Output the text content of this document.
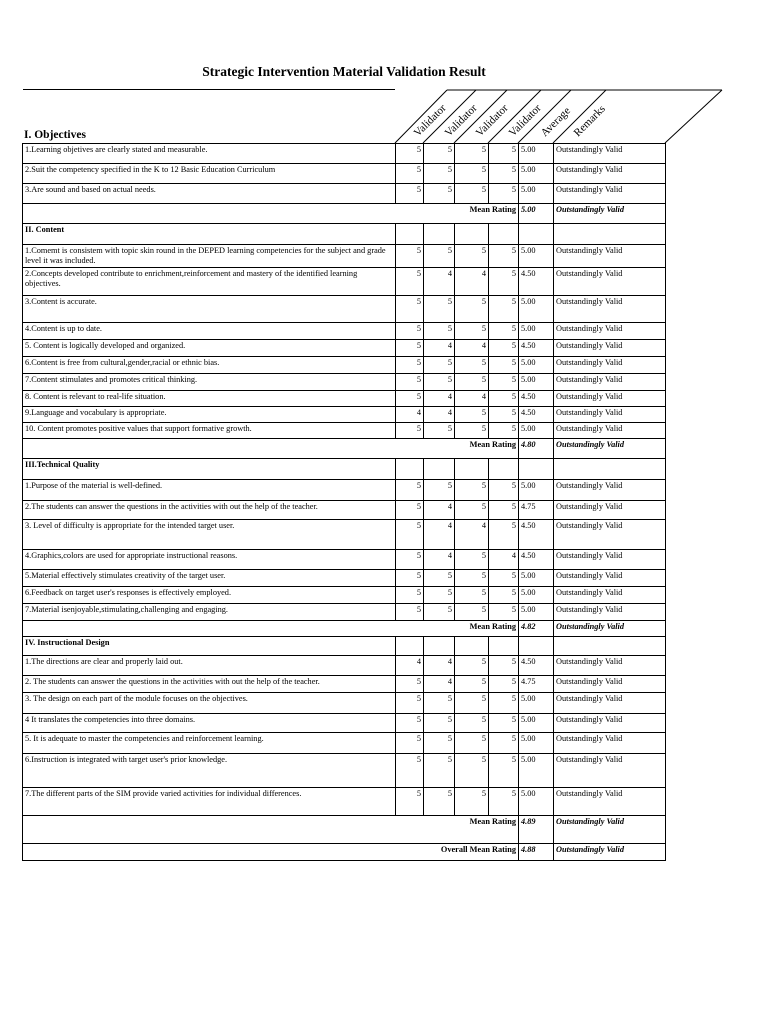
Strategic Intervention Material Validation Result
Validator
Validator
Validator
Validator
Average
Remarks
I. Objectives
1.Learning objetives are clearly stated and measurable.	5	5	5	5	5.00	Outstandingly Valid
2.Suit the competency specified in the K to 12 Basic Education Curriculum	5	5	5	5	5.00	Outstandingly Valid
3.Are sound and based on actual needs.	5	5	5	5	5.00	Outstandingly Valid
Mean Rating					5.00	Outstandingly Valid
II. Content						
1.Comemt is consistem with topic skin round in the DEPED learning competencies for the subject and grade level it was included.	5	5	5	5	5.00	Outstandingly Valid
2.Concepts developed contribute to enrichment,reinforcement and mastery of the identified learning objectives.	5	4	4	5	4.50	Outstandingly Valid
3.Content is accurate.	5	5	5	5	5.00	Outstandingly Valid
4.Content is up to date.	5	5	5	5	5.00	Outstandingly Valid
5. Content is logically developed and organized.	5	4	4	5	4.50	Outstandingly Valid
6.Content is free from cultural,gender,racial or ethnic bias.	5	5	5	5	5.00	Outstandingly Valid
7.Content stimulates and promotes critical thinking.	5	5	5	5	5.00	Outstandingly Valid
8. Content is relevant to real-life situation.	5	4	4	5	4.50	Outstandingly Valid
9.Language and vocabulary is appropriate.	4	4	5	5	4.50	Outstandingly Valid
10. Content promotes positive values that support formative growth.	5	5	5	5	5.00	Outstandingly Valid
Mean Rating					4.80	Outstandingly Valid
III.Technical Quality						
1.Purpose of the material is well-defined.	5	5	5	5	5.00	Outstandingly Valid
2.The students can answer the questions in the activities with out the help of the teacher.	5	4	5	5	4.75	Outstandingly Valid
3. Level of difficulty is appropriate for the intended target user.	5	4	4	5	4.50	Outstandingly Valid
4.Graphics,colors are used for appropriate instructional reasons.	5	4	5	4	4.50	Outstandingly Valid
5.Material effectively stimulates creativity of the target user.	5	5	5	5	5.00	Outstandingly Valid
6.Feedback on target user's responses is effectively employed.	5	5	5	5	5.00	Outstandingly Valid
7.Material isenjoyable,stimulating,challenging and engaging.	5	5	5	5	5.00	Outstandingly Valid
Mean Rating					4.82	Outstandingly Valid
IV. Instructional Design						
1.The directions are clear and properly laid out.	4	4	5	5	4.50	Outstandingly Valid
2. The students can answer the questions in the activities with out the help of the teacher.	5	4	5	5	4.75	Outstandingly Valid
3. The design on each part of the module focuses on the objectives.	5	5	5	5	5.00	Outstandingly Valid
4 It translates the competencies into three domains.	5	5	5	5	5.00	Outstandingly Valid
5. It is adequate to master the competencies and reinforcement learning.	5	5	5	5	5.00	Outstandingly Valid
6.Instruction is integrated with target user's prior knowledge.	5	5	5	5	5.00	Outstandingly Valid
7.The different parts of the SIM provide varied activities for individual differences.	5	5	5	5	5.00	Outstandingly Valid
Mean Rating					4.89	Outstandingly Valid
Overall Mean Rating					4.88	Outstandingly Valid
